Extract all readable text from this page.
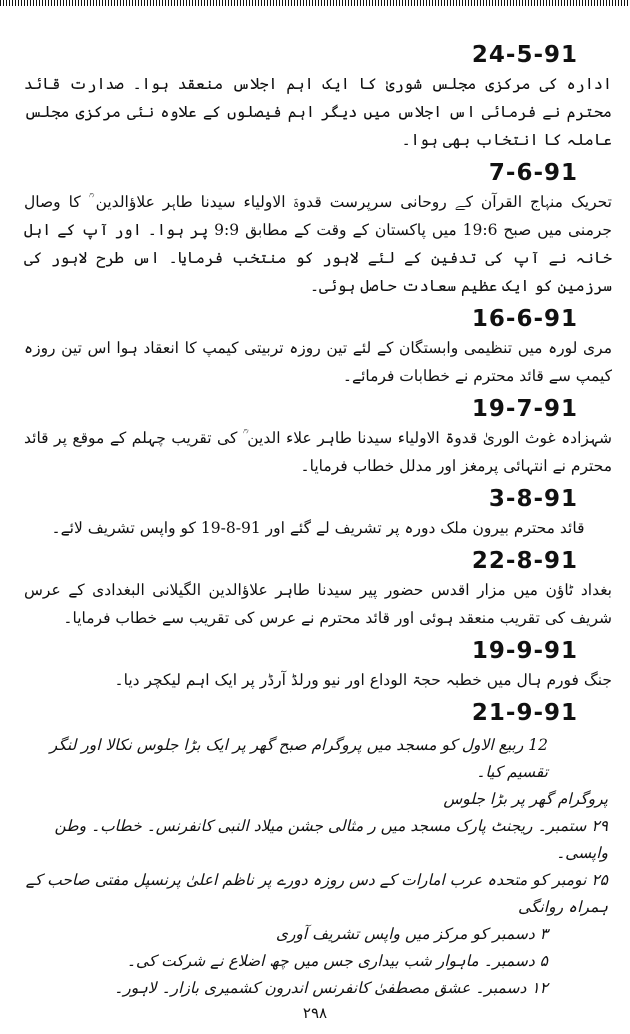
24-5-91
ادارہ کی مرکزی مجلس شوریٰ کا ایک اہم اجلاس منعقد ہوا۔ صدارت قائد محترم نے فرمائی اس اجلاس میں دیگر اہم فیصلوں کے علاوہ نئی مرکزی مجلس عاملہ کا انتخاب بھی ہوا۔
7-6-91
تحریک منہاج القرآن کے روحانی سرپرست قدوۃ الاولیاء سیدنا طاہر علاؤالدین ؒ کا وصال جرمنی میں صبح 19:6 میں پاکستان کے وقت کے مطابق 9:9 پر ہوا۔ اور آپ کے اہل خانہ نے آپ کی تدفین کے لئے لاہور کو منتخب فرمایا۔ اس طرح لاہور کی سرزمین کو ایک عظیم سعادت حاصل ہوئی۔
16-6-91
مری لورہ میں تنظیمی وابستگان کے لئے تین روزہ تربیتی کیمپ کا انعقاد ہوا اس تین روزہ کیمپ سے قائد محترم نے خطابات فرمائے۔
19-7-91
شہزادہ غوث الوریٰ قدوۃ الاولیاء سیدنا طاہر علاء الدین ؒ کی تقریب چہلم کے موقع پر قائد محترم نے انتہائی پرمغز اور مدلل خطاب فرمایا۔
3-8-91
قائد محترم بیرون ملک دورہ پر تشریف لے گئے اور 91-8-19 کو واپس تشریف لائے۔
22-8-91
بغداد ٹاؤن میں مزار اقدس حضور پیر سیدنا طاہر علاؤالدین الگیلانی البغدادی کے عرس شریف کی تقریب منعقد ہوئی اور قائد محترم نے عرس کی تقریب سے خطاب فرمایا۔
19-9-91
جنگ فورم ہال میں خطبہ حجۃ الوداع اور نیو ورلڈ آرڈر پر ایک اہم لیکچر دیا۔
21-9-91
12 ربیع الاول کو مسجد میں پروگرام صبح گھر پر ایک بڑا جلوس نکالا اور لنگر تقسیم کیا۔
پروگرام گھر پر بڑا جلوس
۲۹ ستمبر۔ ریجنٹ پارک مسجد میں ر مثالی جشن میلاد النبی کانفرنس۔ خطاب۔ وطن واپسی۔
۲۵ نومبر کو متحدہ عرب امارات کے دس روزہ دورے پر ناظم اعلیٰ پرنسپل مفتی صاحب کے ہمراہ روانگی
۳ دسمبر کو مرکز میں واپس تشریف آوری
۵ دسمبر۔ ماہوار شب بیداری جس میں چھ اضلاع نے شرکت کی۔
۱۲ دسمبر۔ عشق مصطفیٰ کانفرنس اندرون کشمیری بازار۔ لاہور۔
۲۹۸
